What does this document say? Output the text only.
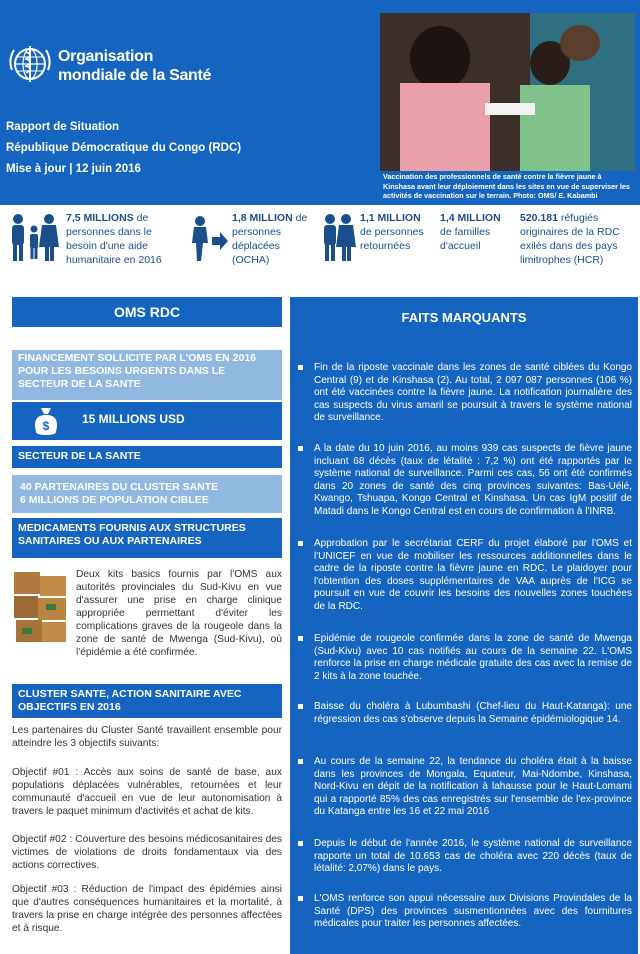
Organisation
mondiale de la Santé
Rapport de Situation
République Démocratique du Congo (RDC)
Mise à jour | 12 juin 2016
Vaccination des professionnels de santé contre la fièvre jaune à Kinshasa avant leur déploiement dans les sites en vue de superviser les activités de vaccination sur le terrain. Photo: OMS/ E. Kabambi
7,5 MILLIONS de personnes dans le besoin d'une aide humanitaire en 2016
1,8 MILLION de personnes déplacées (OCHA)
1,1 MILLION de personnes retournées
1,4 MILLION de familles d'accueil
520.181 réfugiés originaires de la RDC exilés dans des pays limitrophes (HCR)
OMS RDC
FINANCEMENT SOLLICITE PAR L'OMS EN 2016 POUR LES BESOINS URGENTS DANS LE SECTEUR DE LA SANTE
$	15 MILLIONS USD
SECTEUR DE LA SANTE
40 PARTENAIRES DU CLUSTER SANTE
6 MILLIONS DE POPULATION CIBLEE
MEDICAMENTS FOURNIS AUX STRUCTURES SANITAIRES OU AUX PARTENAIRES
Deux kits basics fournis par l'OMS aux autorités provinciales du Sud-Kivu en vue d'assurer une prise en charge clinique appropriée permettant d'éviter les complications graves de la rougeole dans la zone de santé de Mwenga (Sud-Kivu), où l'épidémie a été confirmée.
CLUSTER SANTE, ACTION SANITAIRE AVEC OBJECTIFS EN 2016
Les partenaires du Cluster Santé travaillent ensemble pour atteindre les 3 objectifs suivants:
Objectif #01 : Accès aux soins de santé de base, aux populations déplacées vulnérables, retournées et leur communauté d'accueil en vue de leur autonomisation à travers le paquet minimum d'activités et achat de kits.
Objectif #02 : Couverture des besoins médicosanitaires des victimes de violations de droits fondamentaux via des actions correctives.
Objectif #03 : Réduction de l'impact des épidémies ainsi que d'autres conséquences humanitaires et la mortalité, à travers la prise en charge intégrée des personnes affectées et à risque.
FAITS MARQUANTS
Fin de la riposte vaccinale dans les zones de santé ciblées du Kongo Central (9) et de Kinshasa (2). Au total, 2 097 087 personnes (106 %) ont été vaccinées contre la fièvre jaune. La notification journalière des cas suspects du virus amaril se poursuit à travers le système national de surveillance.
A la date du 10 juin 2016, au moins 939 cas suspects de fièvre jaune incluant 68 décès (taux de létalité : 7,2 %) ont été rapportés par le système national de surveillance. Parmi ces cas, 56 ont été confirmés dans 20 zones de santé des cinq provinces suivantes: Bas-Uélé, Kwango, Tshuapa, Kongo Central et Kinshasa. Un cas IgM positif de Matadi dans le Kongo Central est en cours de confirmation à l'INRB.
Approbation par le secrétariat CERF du projet élaboré par l'OMS et l'UNICEF en vue de mobiliser les ressources additionnelles dans le cadre de la riposte contre la fièvre jaune en RDC. Le plaidoyer pour l'obtention des doses supplémentaires de VAA auprès de l'ICG se poursuit en vue de couvrir les besoins des nouvelles zones touchées de la RDC.
Epidémie de rougeole confirmée dans la zone de santé de Mwenga (Sud-Kivu) avec 10 cas notifiés au cours de la semaine 22. L'OMS renforce la prise en charge médicale gratuite des cas avec la remise de 2 kits à la zone touchée.
Baisse du choléra à Lubumbashi (Chef-lieu du Haut-Katanga): une régression des cas s'observe depuis la Semaine épidémiologique 14.
Au cours de la semaine 22, la tendance du choléra était à la baisse dans les provinces de Mongala, Equateur, Mai-Ndombe, Kinshasa, Nord-Kivu en dépit de la notification à lahausse pour le Haut-Lomami qui a rapporté 85% des cas enregistrés sur l'ensemble de l'ex-province du Katanga entre les 16 et 22 mai 2016
Depuis le début de l'année 2016, le système national de surveillance rapporte un total de 10.653 cas de choléra avec 220 décès (taux de létalité: 2,07%) dans le pays.
L'OMS renforce son appui nécessaire aux Divisions Provindales de la Santé (DPS) des provinces susmentionnées avec des fournitures médicales pour traiter les personnes affectées.
